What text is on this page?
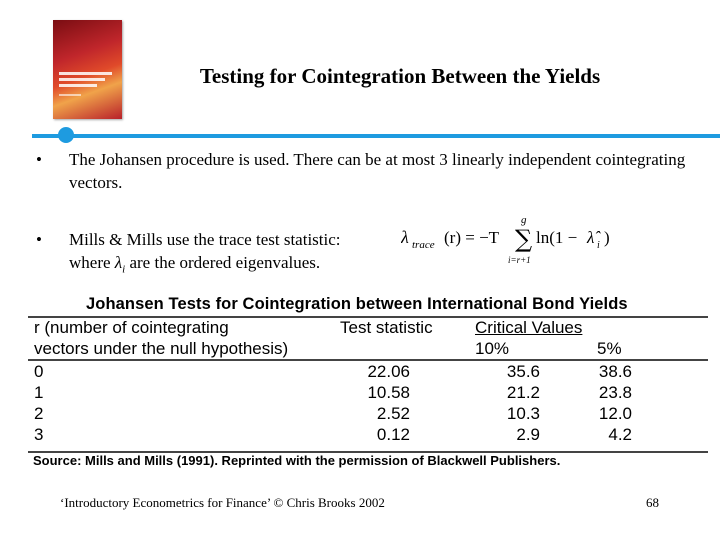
Testing for Cointegration Between the Yields
• The Johansen procedure is used. There can be at most 3 linearly independent cointegrating vectors.
• Mills & Mills use the trace test statistic:
where $\lambda_i$ are the ordered eigenvalues.
λ trace (r) = −T
g
∑
i=r+1
ln(1 − λ̂ i )
Johansen Tests for Cointegration between International Bond Yields
r (number of cointegrating
vectors under the null hypothesis)
Test statistic Critical Values
10%	5%
0	22.06	35.6	38.6
1	10.58	21.2	23.8
2	2.52	10.3	12.0
3	0.12	2.9	4.2
Source: Mills and Mills (1991). Reprinted with the permission of Blackwell Publishers.
‘Introductory Econometrics for Finance’ © Chris Brooks 2002	68
